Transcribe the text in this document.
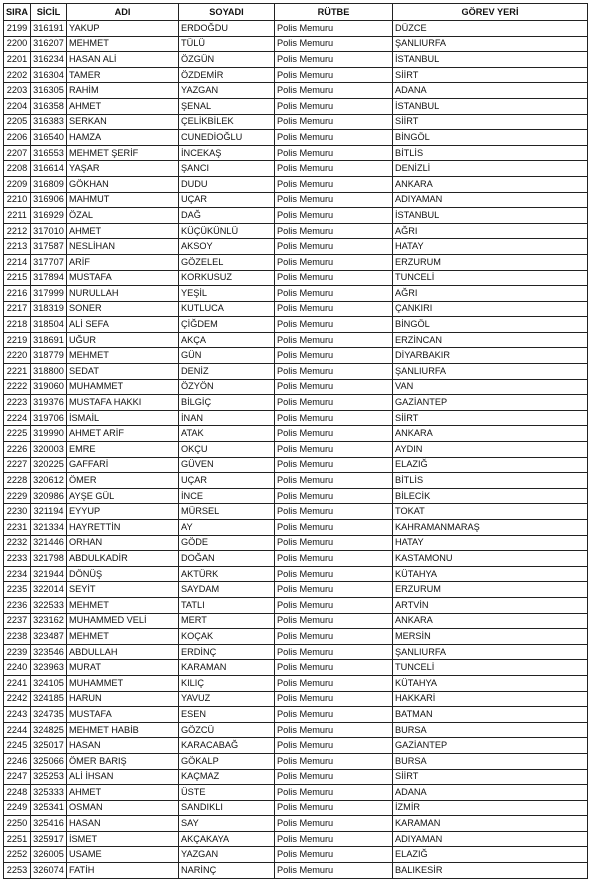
SIRA	SİCİL	ADI	SOYADI	RÜTBE	GÖREV YERİ
2199	316191	YAKUP	ERDOĞDU	Polis Memuru	DÜZCE
2200	316207	MEHMET	TÜLÜ	Polis Memuru	ŞANLIURFA
2201	316234	HASAN ALİ	ÖZGÜN	Polis Memuru	İSTANBUL
2202	316304	TAMER	ÖZDEMİR	Polis Memuru	SİİRT
2203	316305	RAHİM	YAZGAN	Polis Memuru	ADANA
2204	316358	AHMET	ŞENAL	Polis Memuru	İSTANBUL
2205	316383	SERKAN	ÇELİKBİLEK	Polis Memuru	SİİRT
2206	316540	HAMZA	CUNEDİOĞLU	Polis Memuru	BİNGÖL
2207	316553	MEHMET ŞERİF	İNCEKAŞ	Polis Memuru	BİTLİS
2208	316614	YAŞAR	ŞANCI	Polis Memuru	DENİZLİ
2209	316809	GÖKHAN	DUDU	Polis Memuru	ANKARA
2210	316906	MAHMUT	UÇAR	Polis Memuru	ADIYAMAN
2211	316929	ÖZAL	DAĞ	Polis Memuru	İSTANBUL
2212	317010	AHMET	KÜÇÜKÜNLÜ	Polis Memuru	AĞRI
2213	317587	NESLİHAN	AKSOY	Polis Memuru	HATAY
2214	317707	ARİF	GÖZELEL	Polis Memuru	ERZURUM
2215	317894	MUSTAFA	KORKUSUZ	Polis Memuru	TUNCELİ
2216	317999	NURULLAH	YEŞİL	Polis Memuru	AĞRI
2217	318319	SONER	KUTLUCA	Polis Memuru	ÇANKIRI
2218	318504	ALİ SEFA	ÇİĞDEM	Polis Memuru	BİNGÖL
2219	318691	UĞUR	AKÇA	Polis Memuru	ERZİNCAN
2220	318779	MEHMET	GÜN	Polis Memuru	DİYARBAKIR
2221	318800	SEDAT	DENİZ	Polis Memuru	ŞANLIURFA
2222	319060	MUHAMMET	ÖZYÖN	Polis Memuru	VAN
2223	319376	MUSTAFA HAKKI	BİLGİÇ	Polis Memuru	GAZİANTEP
2224	319706	İSMAİL	İNAN	Polis Memuru	SİİRT
2225	319990	AHMET ARİF	ATAK	Polis Memuru	ANKARA
2226	320003	EMRE	OKÇU	Polis Memuru	AYDIN
2227	320225	GAFFARİ	GÜVEN	Polis Memuru	ELAZIĞ
2228	320612	ÖMER	UÇAR	Polis Memuru	BİTLİS
2229	320986	AYŞE GÜL	İNCE	Polis Memuru	BİLECİK
2230	321194	EYYUP	MÜRSEL	Polis Memuru	TOKAT
2231	321334	HAYRETTİN	AY	Polis Memuru	KAHRAMANMARAŞ
2232	321446	ORHAN	GÖDE	Polis Memuru	HATAY
2233	321798	ABDULKADİR	DOĞAN	Polis Memuru	KASTAMONU
2234	321944	DÖNÜŞ	AKTÜRK	Polis Memuru	KÜTAHYA
2235	322014	SEYİT	SAYDAM	Polis Memuru	ERZURUM
2236	322533	MEHMET	TATLI	Polis Memuru	ARTVİN
2237	323162	MUHAMMED VELİ	MERT	Polis Memuru	ANKARA
2238	323487	MEHMET	KOÇAK	Polis Memuru	MERSİN
2239	323546	ABDULLAH	ERDİNÇ	Polis Memuru	ŞANLIURFA
2240	323963	MURAT	KARAMAN	Polis Memuru	TUNCELİ
2241	324105	MUHAMMET	KILIÇ	Polis Memuru	KÜTAHYA
2242	324185	HARUN	YAVUZ	Polis Memuru	HAKKARİ
2243	324735	MUSTAFA	ESEN	Polis Memuru	BATMAN
2244	324825	MEHMET HABİB	GÖZCÜ	Polis Memuru	BURSA
2245	325017	HASAN	KARACABAĞ	Polis Memuru	GAZİANTEP
2246	325066	ÖMER BARIŞ	GÖKALP	Polis Memuru	BURSA
2247	325253	ALİ İHSAN	KAÇMAZ	Polis Memuru	SİİRT
2248	325333	AHMET	ÜSTE	Polis Memuru	ADANA
2249	325341	OSMAN	SANDIKLI	Polis Memuru	İZMİR
2250	325416	HASAN	SAY	Polis Memuru	KARAMAN
2251	325917	İSMET	AKÇAKAYA	Polis Memuru	ADIYAMAN
2252	326005	USAME	YAZGAN	Polis Memuru	ELAZIĞ
2253	326074	FATİH	NARİNÇ	Polis Memuru	BALIKESİR
